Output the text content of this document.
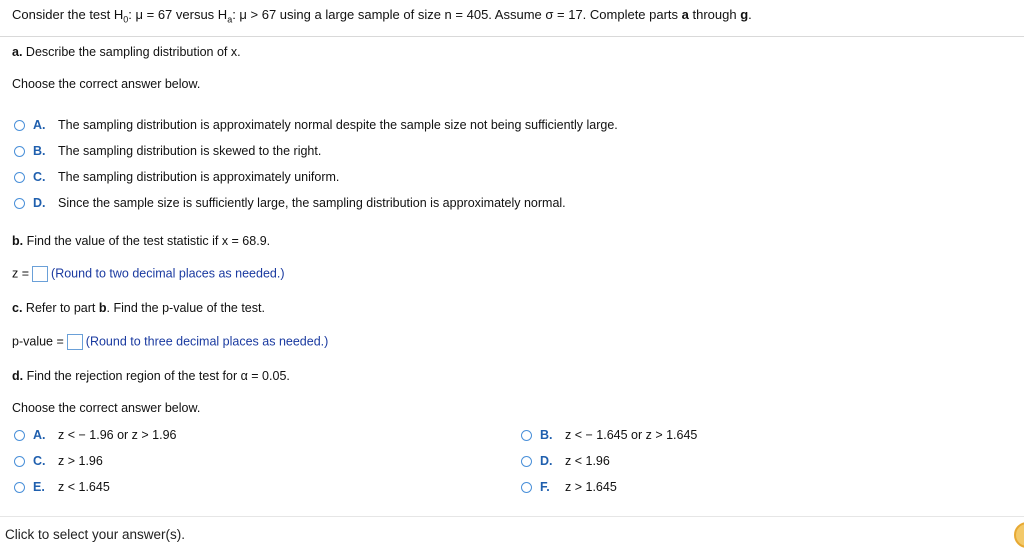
Consider the test $H_0$: μ = 67 versus $H_a$: μ > 67 using a large sample of size n = 405. Assume σ = 17. Complete parts a through g.
a. Describe the sampling distribution of x.
Choose the correct answer below.
A. The sampling distribution is approximately normal despite the sample size not being sufficiently large.
B. The sampling distribution is skewed to the right.
C. The sampling distribution is approximately uniform.
D. Since the sample size is sufficiently large, the sampling distribution is approximately normal.
b. Find the value of the test statistic if x = 68.9.
z = (Round to two decimal places as needed.)
c. Refer to part b. Find the p-value of the test.
p-value = (Round to three decimal places as needed.)
d. Find the rejection region of the test for α = 0.05.
Choose the correct answer below.
A. z < − 1.96 or z > 1.96	B. z < − 1.645 or z > 1.645
C. z > 1.96	D. z < 1.96
E. z < 1.645	F. z > 1.645
Click to select your answer(s).
